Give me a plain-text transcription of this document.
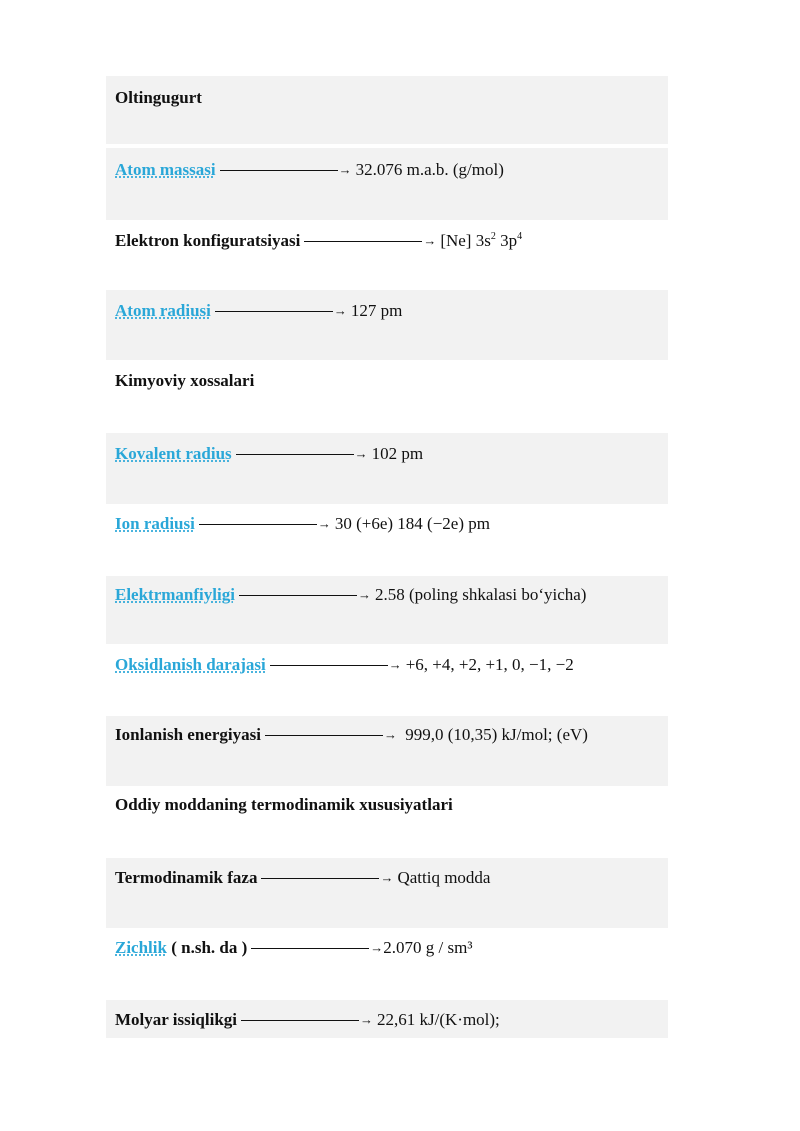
Oltingugurt
Atom massasi	→ 32.076 m.a.b. (g/mol)
Elektron konfiguratsiyasi	→ [Ne] $3s^2$ $3p^4$
Atom radiusi	→ 127 pm
Kimyoviy xossalari
Kovalent radius	→ 102 pm
Ion radiusi	→ 30 (+6e) 184 (−2e) pm
Elektrmanfiyligi	→ 2.58 (poling shkalasi bo‘yicha)
Oksidlanish darajasi	→ +6, +4, +2, +1, 0, −1, −2
Ionlanish energiyasi	→ 999,0 (10,35) kJ/mol; (eV)
Oddiy moddaning termodinamik xususiyatlari
Termodinamik faza	→ Qattiq modda
Zichlik ( n.sh. da )	→2.070 g / sm³
Molyar issiqlikgi	→ 22,61 kJ/(K·mol);
